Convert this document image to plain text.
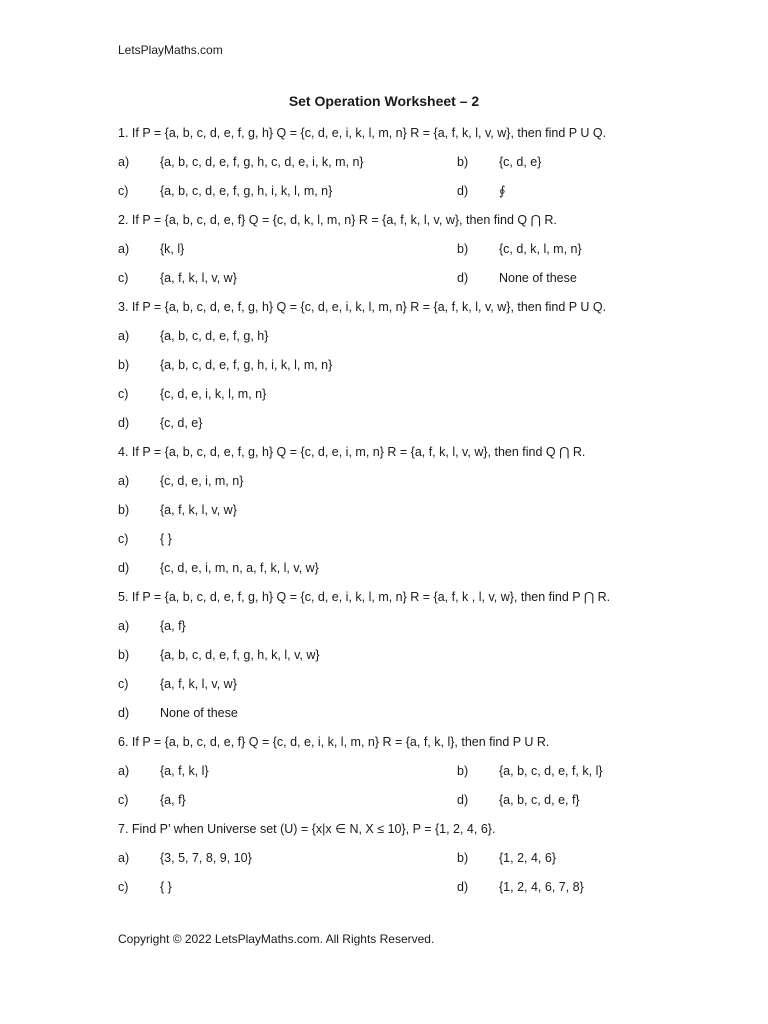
LetsPlayMaths.com
Set Operation Worksheet – 2
1. If P = {a, b, c, d, e, f, g, h} Q = {c, d, e, i, k, l, m, n} R = {a, f, k, l, v, w}, then find P U Q.
a) {a, b, c, d, e, f, g, h, c, d, e, i, k, m, n}	b) {c, d, e}
c)	{a, b, c, d, e, f, g, h, i, k, l, m, n}	d) ∮
2. If P = {a, b, c, d, e, f} Q = {c, d, k, l, m, n} R = {a, f, k, l, v, w}, then find Q ⋂ R.
a) {k, l}	b) {c, d, k, l, m, n}
c)	{a, f, k, l, v, w}	d) None of these
3. If P = {a, b, c, d, e, f, g, h} Q = {c, d, e, i, k, l, m, n} R = {a, f, k, l, v, w}, then find P U Q.
a) {a, b, c, d, e, f, g, h}
b) {a, b, c, d, e, f, g, h, i, k, l, m, n}
c)	{c, d, e, i, k, l, m, n}
d) {c, d, e}
4. If P = {a, b, c, d, e, f, g, h} Q = {c, d, e, i, m, n} R = {a, f, k, l, v, w}, then find Q ⋂ R.
a) {c, d, e, i, m, n}
b) {a, f, k, l, v, w}
c)	{ }
d) {c, d, e, i, m, n, a, f, k, l, v, w}
5. If P = {a, b, c, d, e, f, g, h} Q = {c, d, e, i, k, l, m, n} R = {a, f, k , l, v, w}, then find P ⋂ R.
a) {a, f}
b) {a, b, c, d, e, f, g, h, k, l, v, w}
c)	{a, f, k, l, v, w}
d) None of these
6. If P = {a, b, c, d, e, f} Q = {c, d, e, i, k, l, m, n} R = {a, f, k, l}, then find P U R.
a) {a, f, k, l}	b) {a, b, c, d, e, f, k, l}
c)	{a, f}	d) {a, b, c, d, e, f}
7. Find P’ when Universe set (U) = {x|x ∈ N, X ≤ 10}, P = {1, 2, 4, 6}.
a) {3, 5, 7, 8, 9, 10}	b) {1, 2, 4, 6}
c)	{ }	d) {1, 2, 4, 6, 7, 8}
Copyright © 2022 LetsPlayMaths.com. All Rights Reserved.
